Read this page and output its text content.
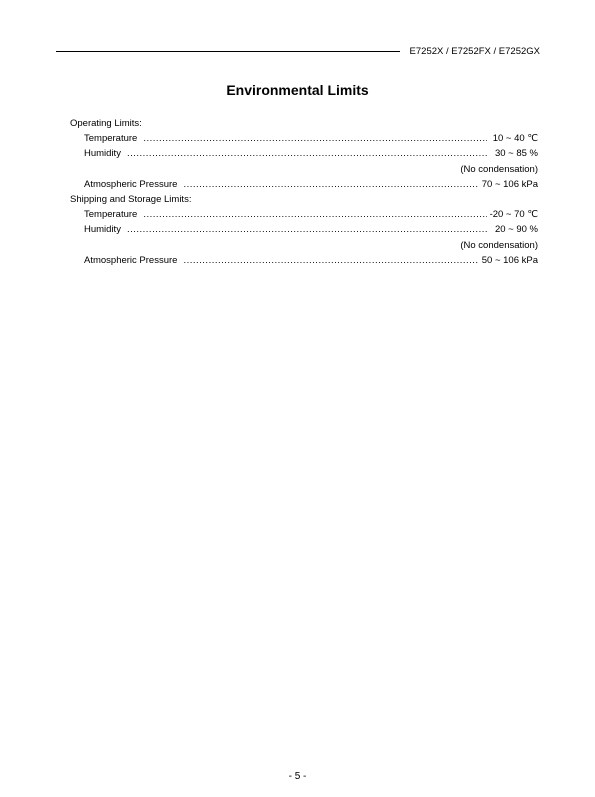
E7252X / E7252FX / E7252GX
Environmental Limits
Operating Limits:
Temperature .....	10 ~ 40 ℃
Humidity .....	30 ~ 85 %
(No condensation)
Atmospheric Pressure .....	70 ~ 106 kPa
Shipping and Storage Limits:
Temperature .....	-20 ~ 70 ℃
Humidity .....	20 ~ 90 %
(No condensation)
Atmospheric Pressure .....	50 ~ 106 kPa
- 5 -
